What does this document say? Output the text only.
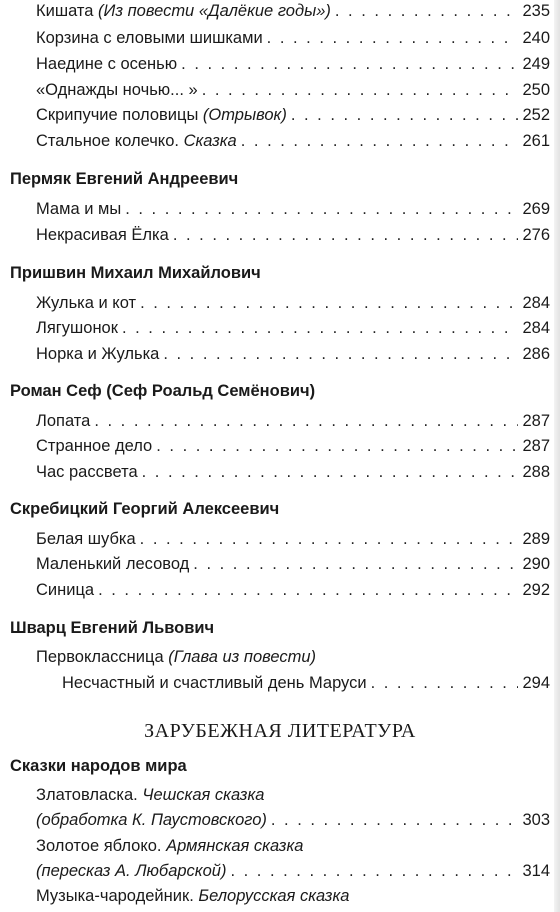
Кишата (Из повести «Далёкие годы») . . .	235
Корзина с еловыми шишками . . .	240
Наедине с осенью . . .	249
«Однажды ночью... » . . .	250
Скрипучие половицы (Отрывок) . . .	252
Стальное колечко. Сказка . . .	261
Пермяк Евгений Андреевич
Мама и мы . . .	269
Некрасивая Ёлка . . .	276
Пришвин Михаил Михайлович
Жулька и кот . . .	284
Лягушонок . . .	284
Норка и Жулька . . .	286
Роман Сеф (Сеф Роальд Семёнович)
Лопата . . .	287
Странное дело . . .	287
Час рассвета . . .	288
Скребицкий Георгий Алексеевич
Белая шубка . . .	289
Маленький лесовод . . .	290
Синица . . .	292
Шварц Евгений Львович
Первоклассница (Глава из повести)
Несчастный и счастливый день Маруси . . .	294
ЗАРУБЕЖНАЯ ЛИТЕРАТУРА
Сказки народов мира
Златовласка. Чешская сказка
(обработка К. Паустовского) . . .	303
Золотое яблоко. Армянская сказка
(пересказ А. Любарской) . . .	314
Музыка-чародейник. Белорусская сказка
